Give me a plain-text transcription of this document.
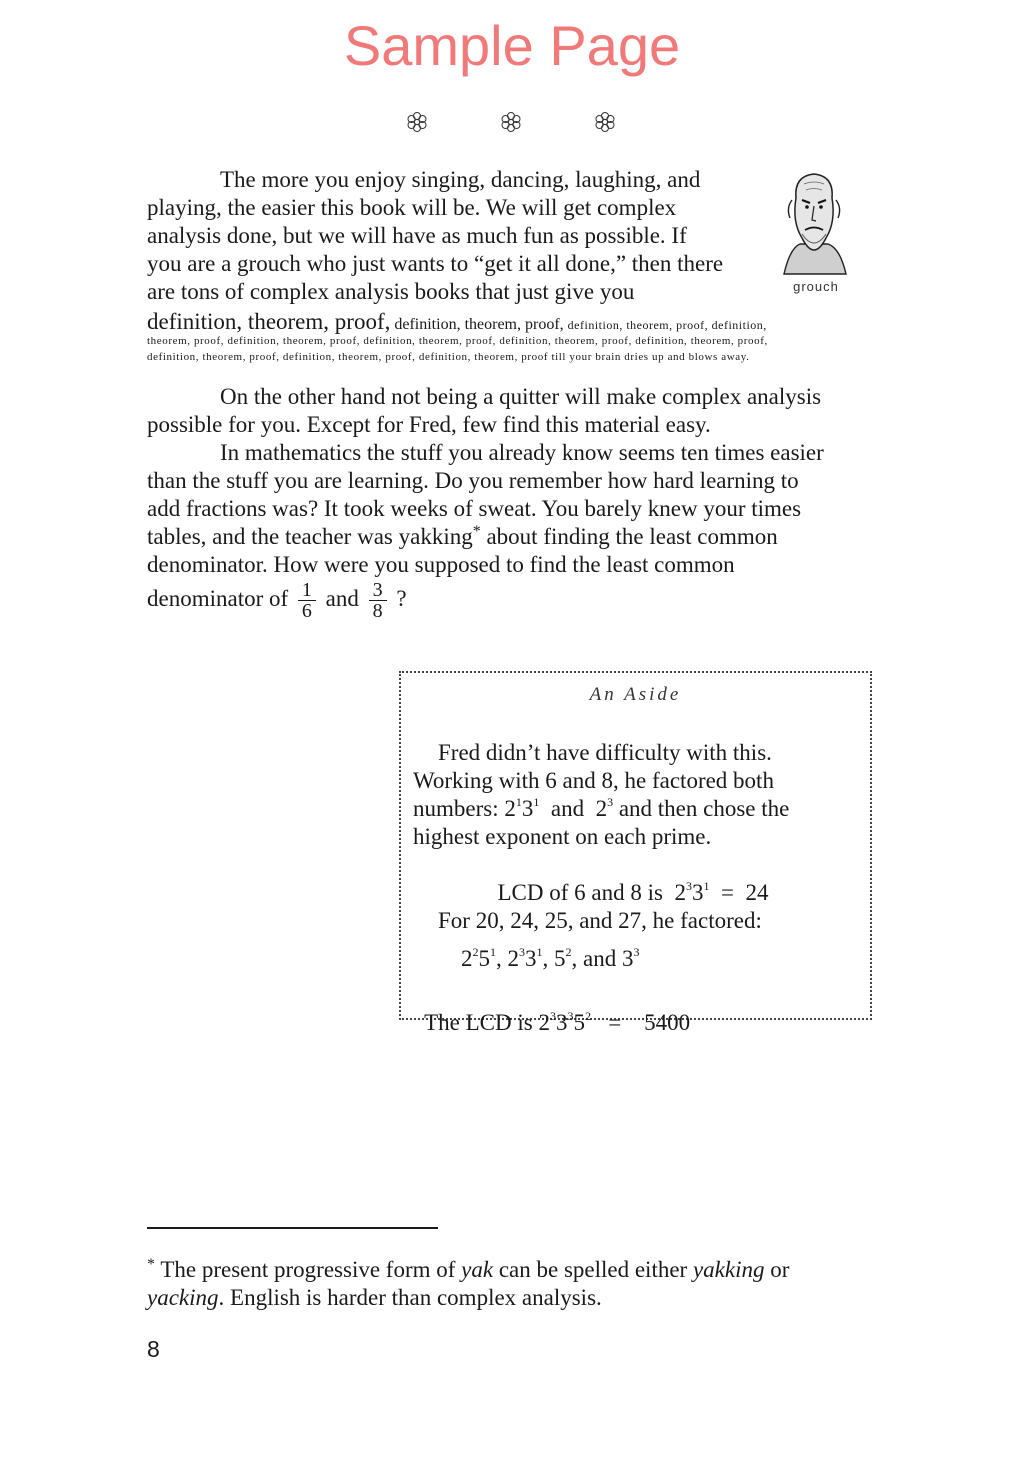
Sample Page
The more you enjoy singing, dancing, laughing, and
playing, the easier this book will be. We will get complex
analysis done, but we will have as much fun as possible. If
you are a grouch who just wants to “get it all done,” then there
are tons of complex analysis books that just give you
definition, theorem, proof, definition, theorem, proof, definition, theorem, proof, definition,
theorem, proof, definition, theorem, proof, definition, theorem, proof, definition, theorem, proof, definition, theorem, proof,
definition, theorem, proof, definition, theorem, proof, definition, theorem, proof till your brain dries up and blows away.
grouch
On the other hand not being a quitter will make complex analysis
possible for you. Except for Fred, few find this material easy.
In mathematics the stuff you already know seems ten times easier
than the stuff you are learning. Do you remember how hard learning to
add fractions was? It took weeks of sweat. You barely knew your times
tables, and the teacher was yakking* about finding the least common
denominator. How were you supposed to find the least common
denominator of $\frac{1}{6}$ and $\frac{3}{8}$ ?
An Aside
Fred didn’t have difficulty with this.
Working with 6 and 8, he factored both
numbers: $2^13^1$  and  $2^3$ and then chose the
highest exponent on each prime.

LCD of 6 and 8 is  $2^33^1 = 24$

For 20, 24, 25, and 27, he factored:
$2^25^1$, $2^33^1$, $5^2$, and $3^3$

The LCD is $2^33^35^2$   =    5400

* The present progressive form of yak can be spelled either yakking or
yacking. English is harder than complex analysis.
8
